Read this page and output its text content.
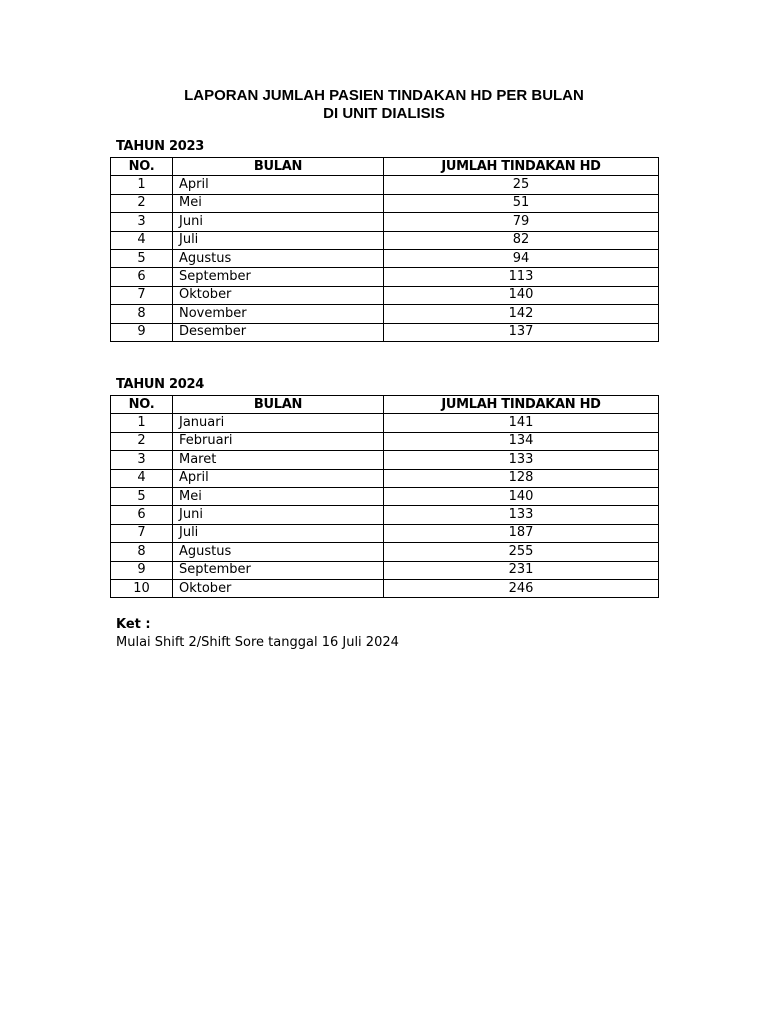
LAPORAN JUMLAH PASIEN TINDAKAN HD PER BULAN
DI UNIT DIALISIS
TAHUN 2023
NO.	BULAN	JUMLAH TINDAKAN HD
1	April	25
2	Mei	51
3	Juni	79
4	Juli	82
5	Agustus	94
6	September	113
7	Oktober	140
8	November	142
9	Desember	137
TAHUN 2024
NO.	BULAN	JUMLAH TINDAKAN HD
1	Januari	141
2	Februari	134
3	Maret	133
4	April	128
5	Mei	140
6	Juni	133
7	Juli	187
8	Agustus	255
9	September	231
10	Oktober	246
Ket :
Mulai Shift 2/Shift Sore tanggal 16 Juli 2024
